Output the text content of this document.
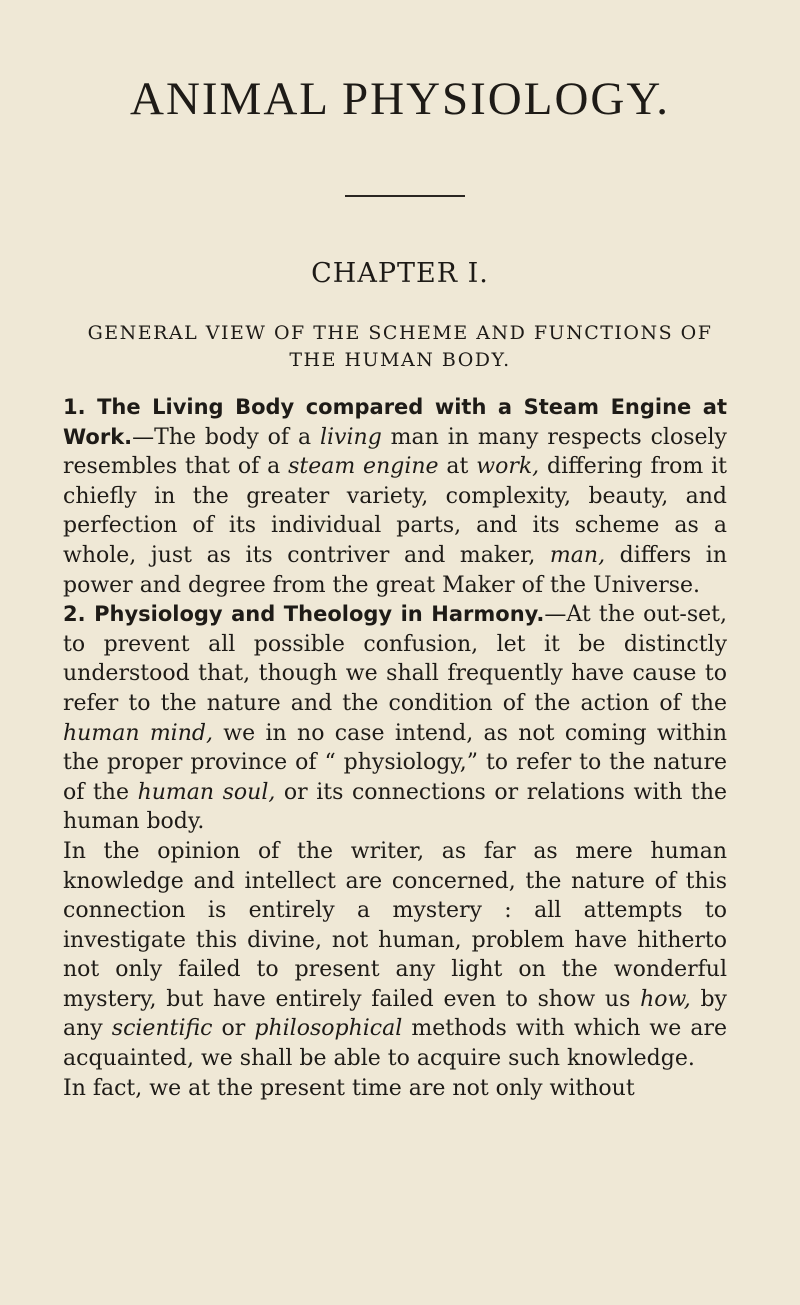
ANIMAL PHYSIOLOGY.
CHAPTER I.
GENERAL VIEW OF THE SCHEME AND FUNCTIONS OF THE HUMAN BODY.

1. The Living Body compared with a Steam Engine at Work.—The body of a living man in many respects closely resembles that of a steam engine at work, differing from it chiefly in the greater variety, complexity, beauty, and perfection of its individual parts, and its scheme as a whole, just as its contriver and maker, man, differs in power and degree from the great Maker of the Universe.

2. Physiology and Theology in Harmony.—At the out-set, to prevent all possible confusion, let it be distinctly understood that, though we shall frequently have cause to refer to the nature and the condition of the action of the human mind, we in no case intend, as not coming within the proper province of “ physiology,” to refer to the nature of the human soul, or its connections or relations with the human body.

In the opinion of the writer, as far as mere human knowledge and intellect are concerned, the nature of this connection is entirely a mystery : all attempts to investigate this divine, not human, problem have hitherto not only failed to present any light on the wonderful mystery, but have entirely failed even to show us how, by any scientific or philosophical methods with which we are acquainted, we shall be able to acquire such knowledge.

In fact, we at the present time are not only without
